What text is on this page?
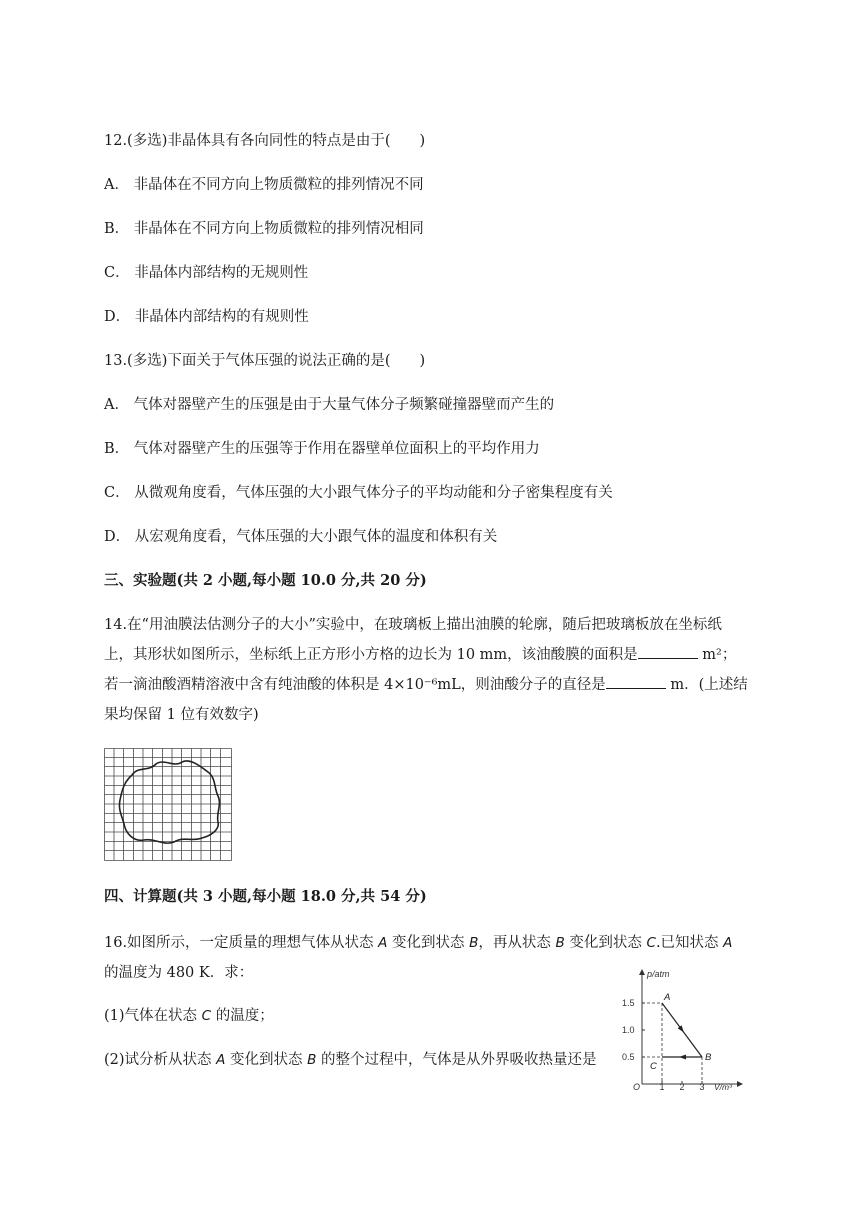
12.(多选)非晶体具有各向同性的特点是由于(　　)
A． 非晶体在不同方向上物质微粒的排列情况不同
B． 非晶体在不同方向上物质微粒的排列情况相同
C． 非晶体内部结构的无规则性
D． 非晶体内部结构的有规则性
13.(多选)下面关于气体压强的说法正确的是(　　)
A． 气体对器壁产生的压强是由于大量气体分子频繁碰撞器壁而产生的
B． 气体对器壁产生的压强等于作用在器壁单位面积上的平均作用力
C． 从微观角度看，气体压强的大小跟气体分子的平均动能和分子密集程度有关
D． 从宏观角度看，气体压强的大小跟气体的温度和体积有关
三、实验题(共 2 小题,每小题 10.0 分,共 20 分)
14.在“用油膜法估测分子的大小”实验中，在玻璃板上描出油膜的轮廓，随后把玻璃板放在坐标纸
上，其形状如图所示，坐标纸上正方形小方格的边长为 10 mm，该油酸膜的面积是	m²；
若一滴油酸酒精溶液中含有纯油酸的体积是 4×10⁻⁶mL，则油酸分子的直径是	m．(上述结
果均保留 1 位有效数字)
四、计算题(共 3 小题,每小题 18.0 分,共 54 分)
16.如图所示，一定质量的理想气体从状态 A 变化到状态 B，再从状态 B 变化到状态 C.已知状态 A
的温度为 480 K．求：
(1)气体在状态 C 的温度；
(2)试分析从状态 A 变化到状态 B 的整个过程中，气体是从外界吸收热量还是
p/atm
V/m³
O
1.5
1.0
0.5
1 2 3
A
B
C
